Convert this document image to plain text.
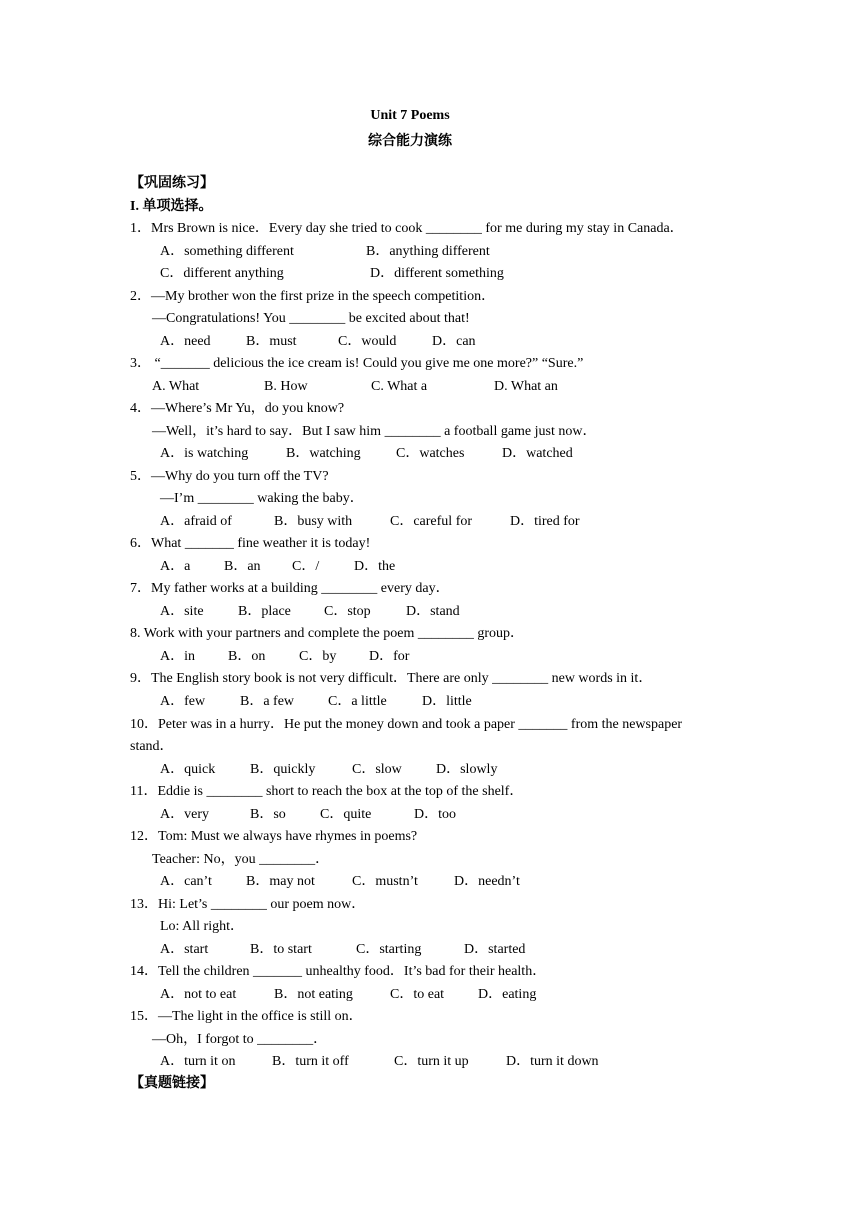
Unit 7 Poems
综合能力演练
【巩固练习】
I. 单项选择。
1．Mrs Brown is nice．Every day she tried to cook ________ for me during my stay in Canada．
A．something different	B．anything different
C．different anything	D．different something
2．—My brother won the first prize in the speech competition．
—Congratulations! You ________ be excited about that!
A．need	B．must	C．would	D．can
3． “_______ delicious the ice cream is! Could you give me one more?” “Sure.”
A. What	B. How	C. What a	D. What an
4．—Where’s Mr Yu，do you know?
—Well，it’s hard to say．But I saw him ________ a football game just now．
A．is watching	B．watching	C．watches	D．watched
5．—Why do you turn off the TV?
—I’m ________ waking the baby．
A．afraid of	B．busy with	C．careful for	D．tired for
6．What _______ fine weather it is today!
A．a B．an C．/ D．the
7．My father works at a building ________ every day．
A．site B．place C．stop	D．stand
8. Work with your partners and complete the poem ________ group．
A．in B．on C．by D．for
9．The English story book is not very difficult．There are only ________ new words in it．
A．few B．a few C．a little	D．little
10．Peter was in a hurry．He put the money down and took a paper _______ from the newspaper
stand．
A．quick B．quickly	C．slow D．slowly
11．Eddie is ________ short to reach the box at the top of the shelf．
A．very	B．so C．quite	D．too
12．Tom: Must we always have rhymes in poems?
Teacher: No，you ________．
A．can’t B．may not	C．mustn’t	D．needn’t
13．Hi: Let’s ________ our poem now．
Lo: All right．
A．start	B．to start	C．starting	D．started
14．Tell the children _______ unhealthy food．It’s bad for their health．
A．not to eat	B．not eating	C．to eat D．eating
15．—The light in the office is still on．
—Oh，I forgot to ________．
A．turn it on	B．turn it off	C．turn it up	D．turn it down
【真题链接】
